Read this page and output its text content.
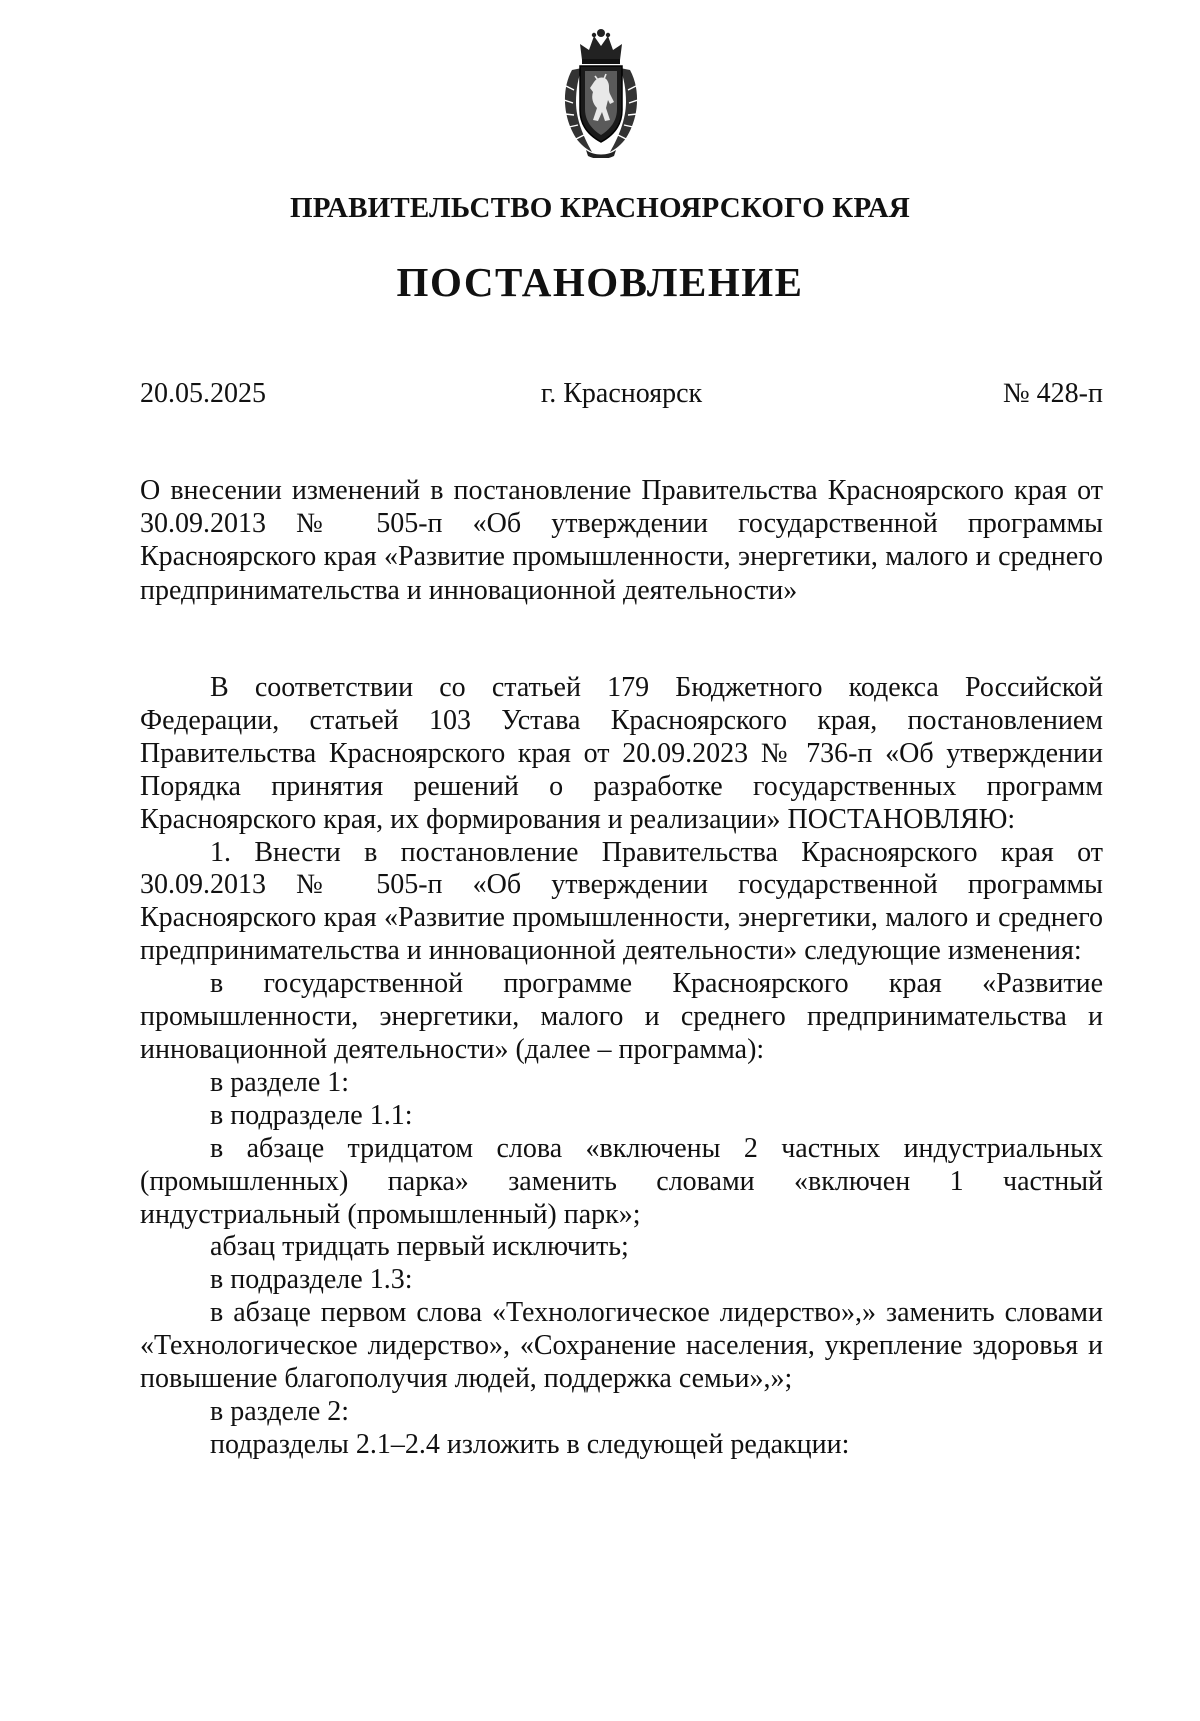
ПРАВИТЕЛЬСТВО КРАСНОЯРСКОГО КРАЯ
ПОСТАНОВЛЕНИЕ
20.05.2025	г. Красноярск	№ 428-п

О внесении изменений в постановление Правительства Красноярского края от 30.09.2013 № 505-п «Об утверждении государственной программы Красноярского края «Развитие промышленности, энергетики, малого и среднего предпринимательства и инновационной деятельности»

В соответствии со статьей 179 Бюджетного кодекса Российской Федерации, статьей 103 Устава Красноярского края, постановлением Правительства Красноярского края от 20.09.2023 № 736-п «Об утверждении Порядка принятия решений о разработке государственных программ Красноярского края, их формирования и реализации» ПОСТАНОВЛЯЮ:

1. Внести в постановление Правительства Красноярского края от 30.09.2013 № 505-п «Об утверждении государственной программы Красноярского края «Развитие промышленности, энергетики, малого и среднего предпринимательства и инновационной деятельности» следующие изменения:

в государственной программе Красноярского края «Развитие промышленности, энергетики, малого и среднего предпринимательства и инновационной деятельности» (далее – программа):

в разделе 1:

в подразделе 1.1:

в абзаце тридцатом слова «включены 2 частных индустриальных (промышленных) парка» заменить словами «включен 1 частный индустриальный (промышленный) парк»;

абзац тридцать первый исключить;

в подразделе 1.3:

в абзаце первом слова «Технологическое лидерство»,» заменить словами «Технологическое лидерство», «Сохранение населения, укрепление здоровья и повышение благополучия людей, поддержка семьи»,»;

в разделе 2:

подразделы 2.1–2.4 изложить в следующей редакции:
